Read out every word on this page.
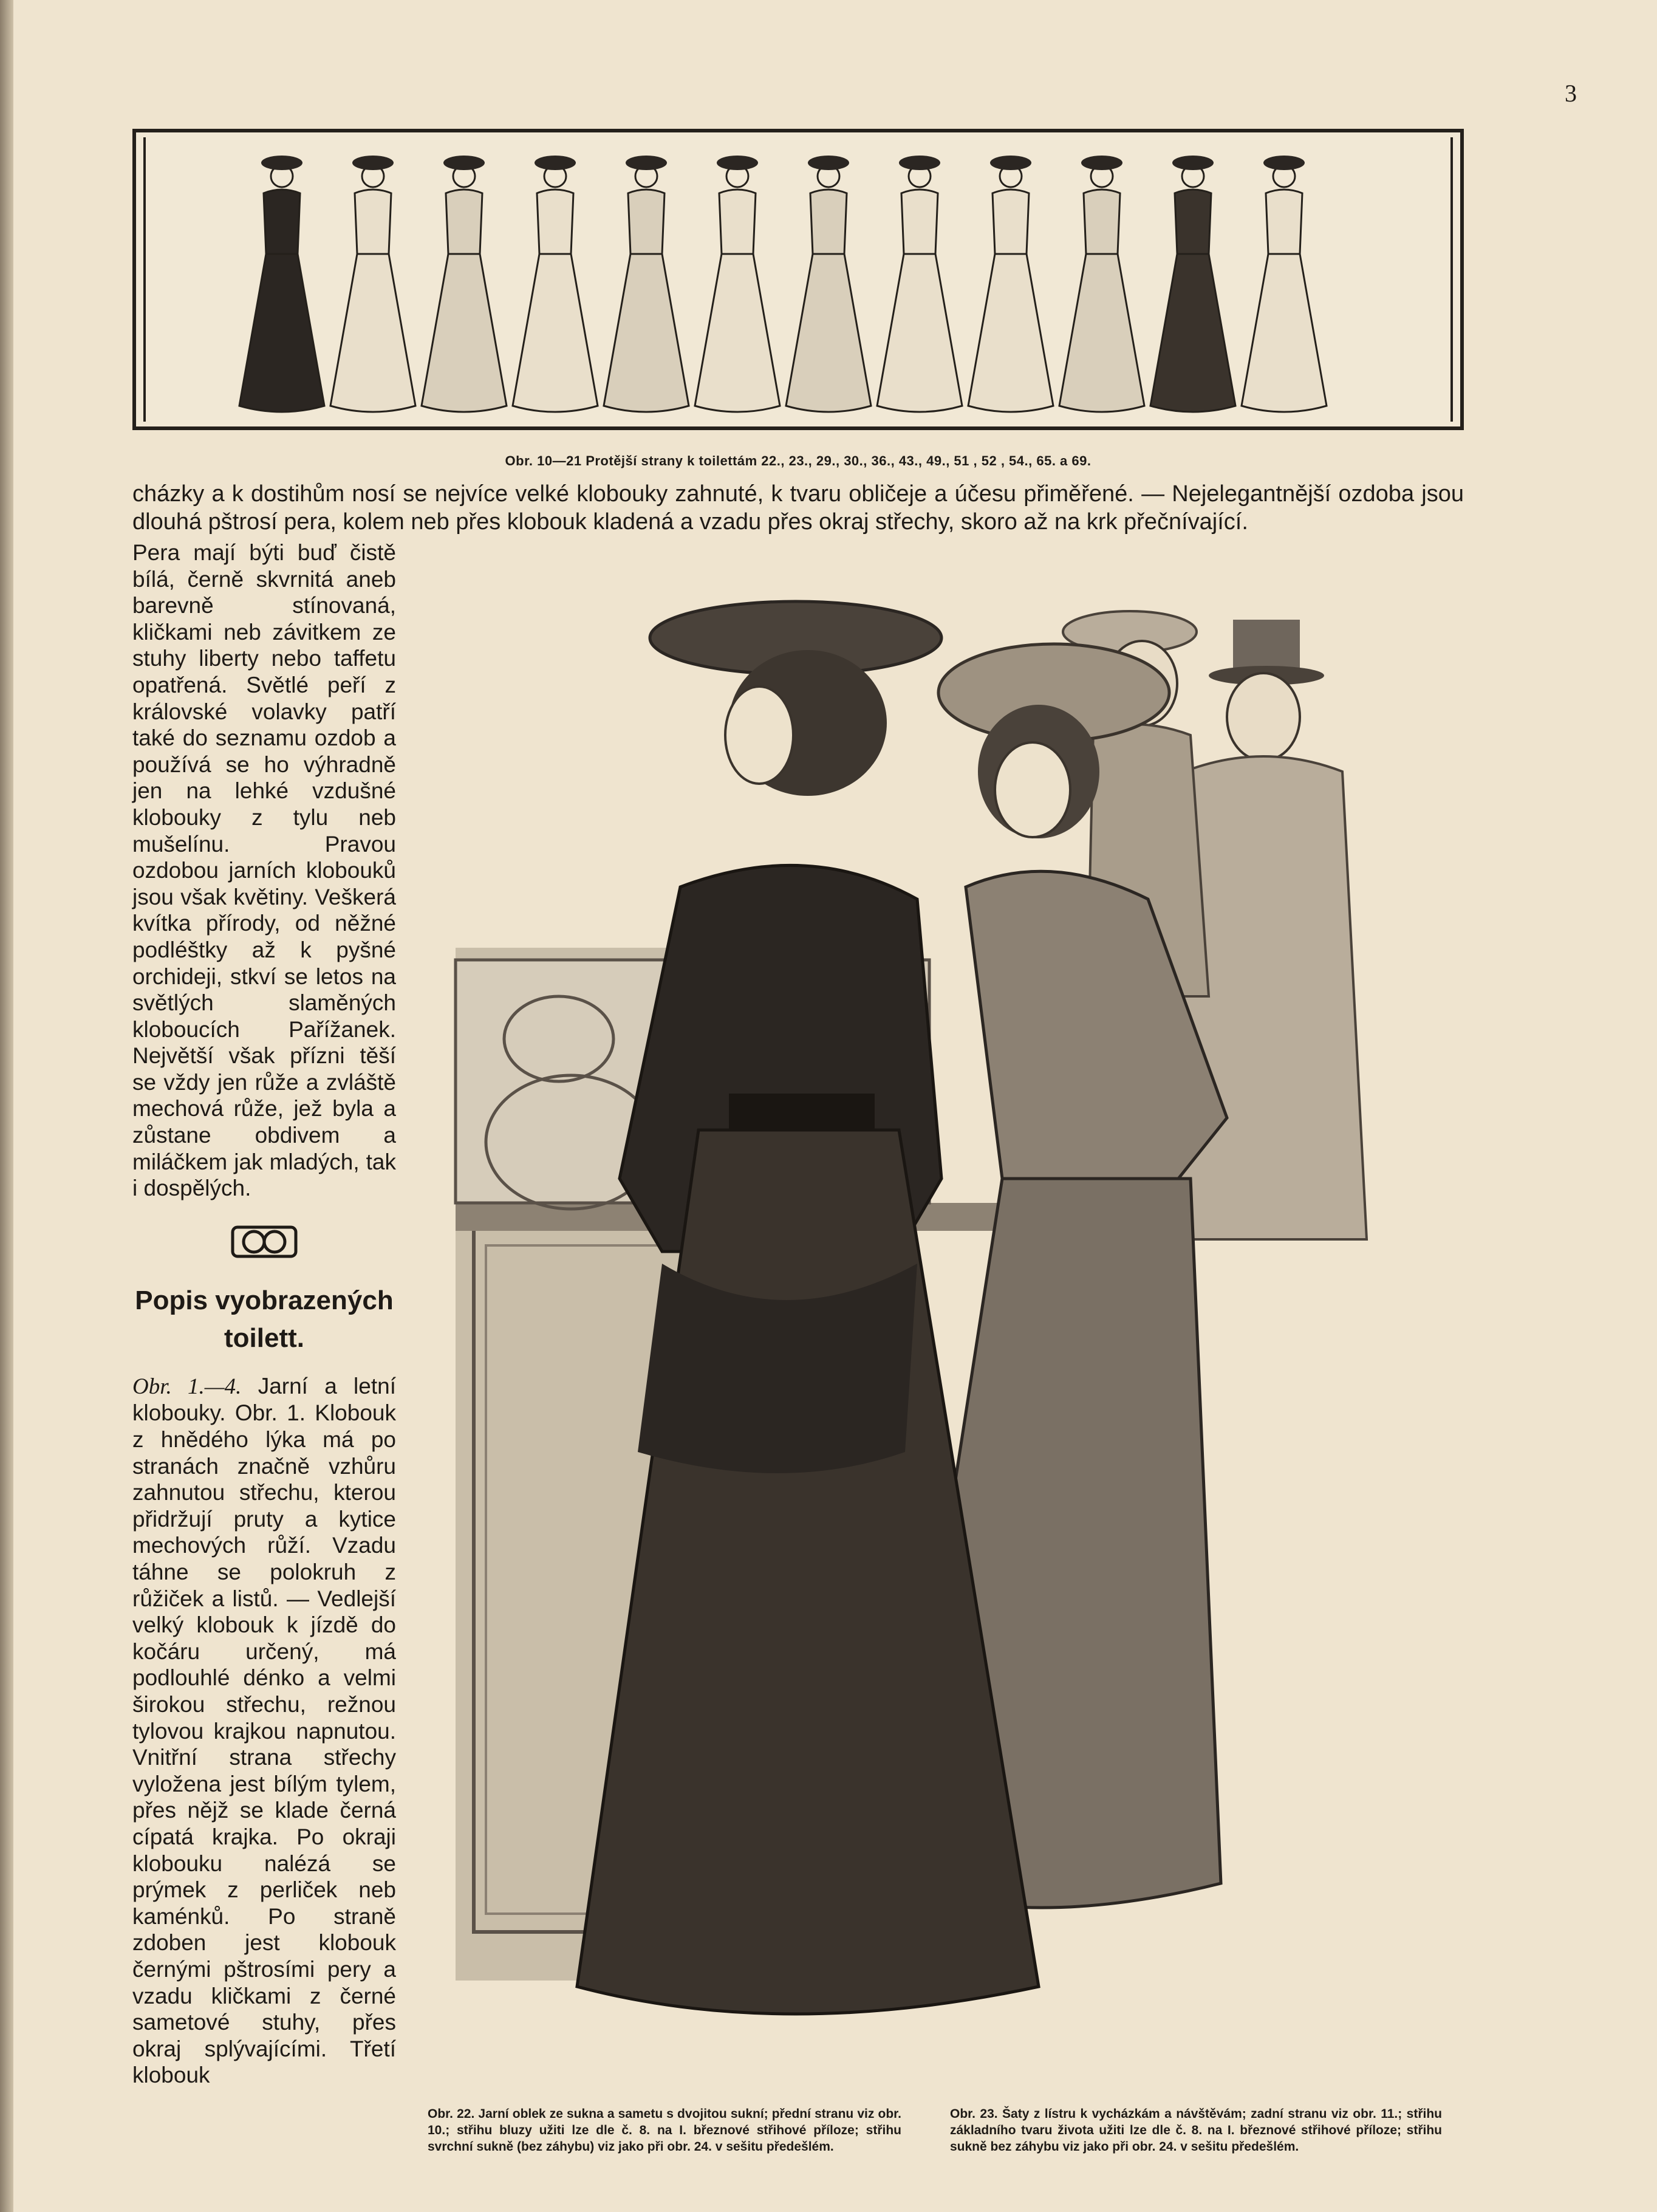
3
Obr. 10—21 Protější strany k toilettám 22., 23., 29., 30., 36., 43., 49., 51 , 52 , 54., 65. a 69.
cházky a k dostihům nosí se nejvíce velké klobouky zahnuté, k tvaru obličeje a účesu přiměřené. — Nejelegantnější ozdoba jsou dlouhá pštrosí pera, kolem neb přes klobouk kladená a vzadu přes okraj střechy, skoro až na krk přečnívající.

Pera mají býti buď čistě bílá, černě skvrnitá aneb barevně stínovaná, kličkami neb závitkem ze stuhy liberty nebo taffetu opatřená. Světlé peří z královské volavky patří také do seznamu ozdob a používá se ho výhradně jen na lehké vzdušné klobouky z tylu neb mušelínu. Pravou ozdobou jarních klobouků jsou však květiny. Veškerá kvítka přírody, od něžné podléštky až k pyšné orchideji, stkví se letos na světlých slaměných kloboucích Pařížanek. Největší však přízni těší se vždy jen růže a zvláště mechová růže, jež byla a zůstane obdivem a miláčkem jak mladých, tak i dospělých.

Popis vyobrazených toilett.

Obr. 1.—4. Jarní a letní klobouky. Obr. 1. Klobouk z hnědého lýka má po stranách značně vzhůru zahnutou střechu, kterou přidržují pruty a kytice mechových růží. Vzadu táhne se polokruh z růžiček a listů. — Vedlejší velký klobouk k jízdě do kočáru určený, má podlouhlé dénko a velmi širokou střechu, režnou tylovou krajkou napnutou. Vnitřní strana střechy vyložena jest bílým tylem, přes nějž se klade černá cípatá krajka. Po okraji klobouku nalézá se prýmek z perliček neb kaménků. Po straně zdoben jest klobouk černými pštrosími pery a vzadu kličkami z černé sametové stuhy, přes okraj splývajícími. Třetí klobouk

Obr. 22. Jarní oblek ze sukna a sametu s dvojitou sukní; přední stranu viz obr. 10.; střihu bluzy užiti lze dle č. 8. na I. březnové střihové příloze; střihu svrchní sukně (bez záhybu) viz jako při obr. 24. v sešitu předešlém.
Obr. 23. Šaty z lístru k vycházkám a návštěvám; zadní stranu viz obr. 11.; střihu základního tvaru života užiti lze dle č. 8. na I. březnové střihové příloze; střihu sukně bez záhybu viz jako při obr. 24. v sešitu předešlém.
